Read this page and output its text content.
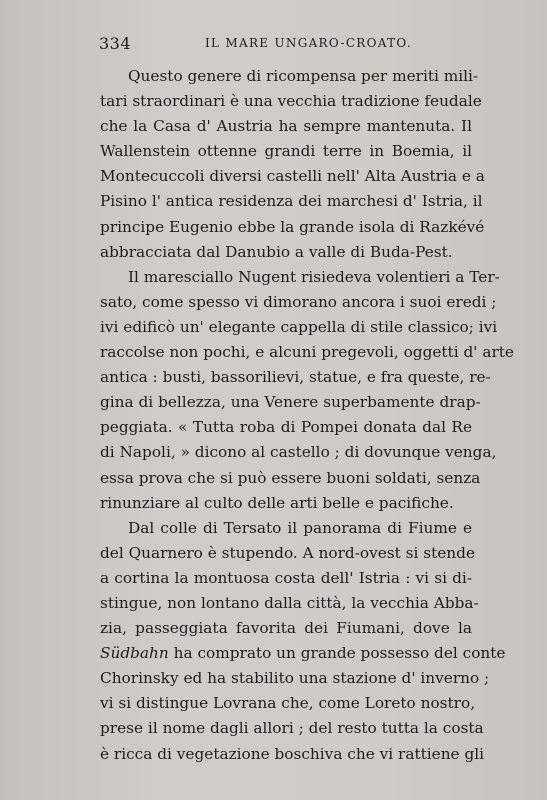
334	IL MARE UNGARO-CROATO.
Questo genere di ricompensa per meriti mili-
tari straordinari è una vecchia tradizione feudale
che la Casa d' Austria ha sempre mantenuta. Il
Wallenstein ottenne grandi terre in Boemia, il
Montecuccoli diversi castelli nell' Alta Austria e a
Pisino l' antica residenza dei marchesi d' Istria, il
principe Eugenio ebbe la grande isola di Razkévé
abbracciata dal Danubio a valle di Buda-Pest.
Il maresciallo Nugent risiedeva volentieri a Ter-
sato, come spesso vi dimorano ancora i suoi eredi ;
ivi edificò un' elegante cappella di stile classico; ivi
raccolse non pochi, e alcuni pregevoli, oggetti d' arte
antica : busti, bassorilievi, statue, e fra queste, re-
gina di bellezza, una Venere superbamente drap-
peggiata. « Tutta roba di Pompei donata dal Re
di Napoli, » dicono al castello ; di dovunque venga,
essa prova che si può essere buoni soldati, senza
rinunziare al culto delle arti belle e pacifiche.
Dal colle di Tersato il panorama di Fiume e
del Quarnero è stupendo. A nord-ovest si stende
a cortina la montuosa costa dell' Istria : vi si di-
stingue, non lontano dalla città, la vecchia Abba-
zia, passeggiata favorita dei Fiumani, dove la
Südbahn ha comprato un grande possesso del conte
Chorinsky ed ha stabilito una stazione d' inverno ;
vi si distingue Lovrana che, come Loreto nostro,
prese il nome dagli allori ; del resto tutta la costa
è ricca di vegetazione boschiva che vi rattiene gli
